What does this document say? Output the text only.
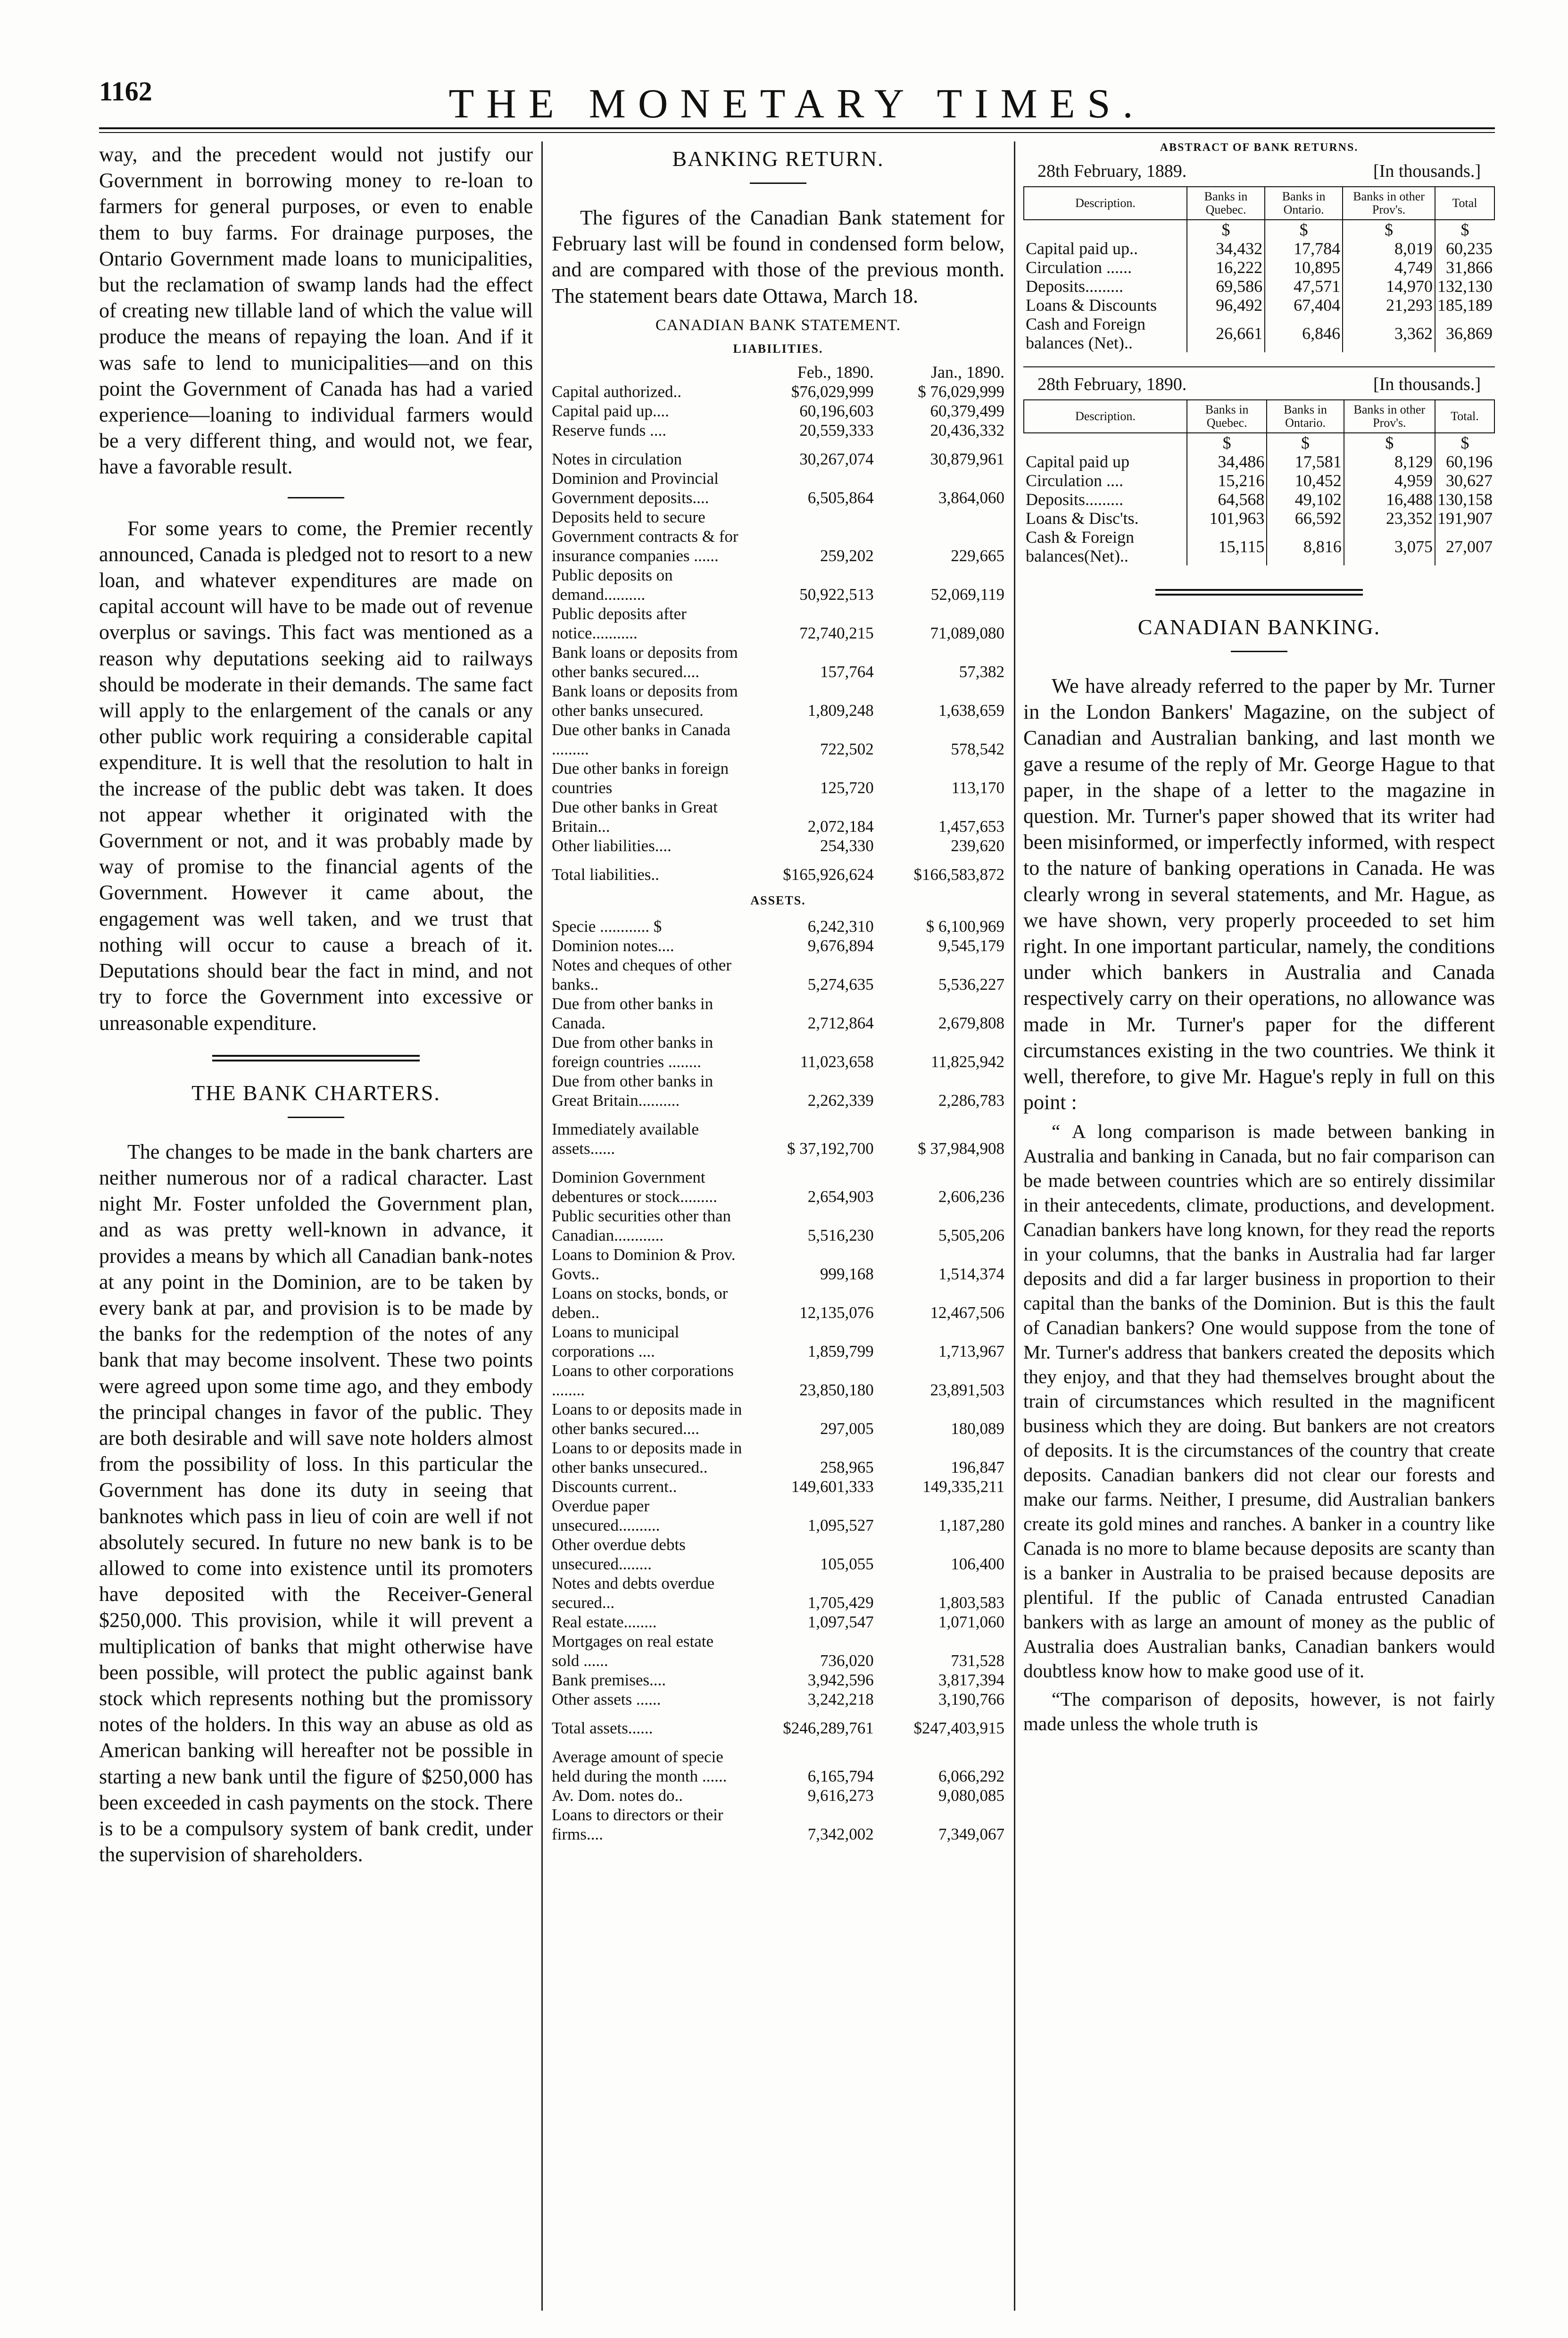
1162	THE MONETARY TIMES.

way, and the precedent would not justify our Government in borrowing money to re-loan to farmers for general purposes, or even to enable them to buy farms. For drainage purposes, the Ontario Government made loans to municipalities, but the reclamation of swamp lands had the effect of creating new tillable land of which the value will produce the means of repaying the loan. And if it was safe to lend to municipalities—and on this point the Government of Canada has had a varied experience—loaning to individual farmers would be a very different thing, and would not, we fear, have a favorable result.

For some years to come, the Premier recently announced, Canada is pledged not to resort to a new loan, and whatever expenditures are made on capital account will have to be made out of revenue overplus or savings. This fact was mentioned as a reason why deputations seeking aid to railways should be moderate in their demands. The same fact will apply to the enlargement of the canals or any other public work requiring a considerable capital expenditure. It is well that the resolution to halt in the increase of the public debt was taken. It does not appear whether it originated with the Government or not, and it was probably made by way of promise to the financial agents of the Government. However it came about, the engagement was well taken, and we trust that nothing will occur to cause a breach of it. Deputations should bear the fact in mind, and not try to force the Government into excessive or unreasonable expenditure.

THE BANK CHARTERS.

The changes to be made in the bank charters are neither numerous nor of a radical character. Last night Mr. Foster unfolded the Government plan, and as was pretty well-known in advance, it provides a means by which all Canadian bank-notes at any point in the Dominion, are to be taken by every bank at par, and provision is to be made by the banks for the redemption of the notes of any bank that may become insolvent. These two points were agreed upon some time ago, and they embody the principal changes in favor of the public. They are both desirable and will save note holders almost from the possibility of loss. In this particular the Government has done its duty in seeing that banknotes which pass in lieu of coin are well if not absolutely secured. In future no new bank is to be allowed to come into existence until its promoters have deposited with the Receiver-General $250,000. This provision, while it will prevent a multiplication of banks that might otherwise have been possible, will protect the public against bank stock which represents nothing but the promissory notes of the holders. In this way an abuse as old as American banking will hereafter not be possible in starting a new bank until the figure of $250,000 has been exceeded in cash payments on the stock. There is to be a compulsory system of bank credit, under the supervision of shareholders.

BANKING RETURN.

The figures of the Canadian Bank statement for February last will be found in condensed form below, and are compared with those of the previous month. The statement bears date Ottawa, March 18.

CANADIAN BANK STATEMENT.
LIABILITIES.
	Feb., 1890.	Jan., 1890.
Capital authorized..	$76,029,999	$ 76,029,999
Capital paid up....	60,196,603	60,379,499
Reserve funds ....	20,559,333	20,436,332
Notes in circulation	30,267,074	30,879,961
Dominion and Provincial Government deposits....	6,505,864	3,864,060
Deposits held to secure Government contracts & for insurance companies ......	259,202	229,665
Public deposits on demand..........	50,922,513	52,069,119
Public deposits after notice...........	72,740,215	71,089,080
Bank loans or deposits from other banks secured....	157,764	57,382
Bank loans or deposits from other banks unsecured.	1,809,248	1,638,659
Due other banks in Canada .........	722,502	578,542
Due other banks in foreign countries	125,720	113,170
Due other banks in Great Britain...	2,072,184	1,457,653
Other liabilities....	254,330	239,620
Total liabilities..	$165,926,624	$166,583,872
ASSETS.		
Specie ............ $	6,242,310	$ 6,100,969
Dominion notes....	9,676,894	9,545,179
Notes and cheques of other banks..	5,274,635	5,536,227
Due from other banks in Canada.	2,712,864	2,679,808
Due from other banks in foreign countries ........	11,023,658	11,825,942
Due from other banks in Great Britain..........	2,262,339	2,286,783
Immediately available assets......	$ 37,192,700	$ 37,984,908
Dominion Government debentures or stock.........	2,654,903	2,606,236
Public securities other than Canadian............	5,516,230	5,505,206
Loans to Dominion & Prov. Govts..	999,168	1,514,374
Loans on stocks, bonds, or deben..	12,135,076	12,467,506
Loans to municipal corporations ....	1,859,799	1,713,967
Loans to other corporations ........	23,850,180	23,891,503
Loans to or deposits made in other banks secured....	297,005	180,089
Loans to or deposits made in other banks unsecured..	258,965	196,847
Discounts current..	149,601,333	149,335,211
Overdue paper unsecured..........	1,095,527	1,187,280
Other overdue debts unsecured........	105,055	106,400
Notes and debts overdue secured...	1,705,429	1,803,583
Real estate........	1,097,547	1,071,060
Mortgages on real estate sold ......	736,020	731,528
Bank premises....	3,942,596	3,817,394
Other assets ......	3,242,218	3,190,766
Total assets......	$246,289,761	$247,403,915
Average amount of specie held during the month ......	6,165,794	6,066,292
Av. Dom. notes do..	9,616,273	9,080,085
Loans to directors or their firms....	7,342,002	7,349,067
ABSTRACT OF BANK RETURNS.
28th February, 1889.	[In thousands.]
Description.	Banks in Quebec.	Banks in Ontario.	Banks in other Prov's.	Total
	$	$	$	$
Capital paid up..	34,432	17,784	8,019	60,235
Circulation ......	16,222	10,895	4,749	31,866
Deposits.........	69,586	47,571	14,970	132,130
Loans & Discounts	96,492	67,404	21,293	185,189
Cash and Foreign balances (Net)..	26,661	6,846	3,362	36,869
28th February, 1890.	[In thousands.]
Description.	Banks in Quebec.	Banks in Ontario.	Banks in other Prov's.	Total.
	$	$	$	$
Capital paid up	34,486	17,581	8,129	60,196
Circulation ....	15,216	10,452	4,959	30,627
Deposits.........	64,568	49,102	16,488	130,158
Loans & Disc'ts.	101,963	66,592	23,352	191,907
Cash & Foreign balances(Net)..	15,115	8,816	3,075	27,007
CANADIAN BANKING.

We have already referred to the paper by Mr. Turner in the London Bankers' Magazine, on the subject of Canadian and Australian banking, and last month we gave a resume of the reply of Mr. George Hague to that paper, in the shape of a letter to the magazine in question. Mr. Turner's paper showed that its writer had been misinformed, or imperfectly informed, with respect to the nature of banking operations in Canada. He was clearly wrong in several statements, and Mr. Hague, as we have shown, very properly proceeded to set him right. In one important particular, namely, the conditions under which bankers in Australia and Canada respectively carry on their operations, no allowance was made in Mr. Turner's paper for the different circumstances existing in the two countries. We think it well, therefore, to give Mr. Hague's reply in full on this point :

“ A long comparison is made between banking in Australia and banking in Canada, but no fair comparison can be made between countries which are so entirely dissimilar in their antecedents, climate, productions, and development. Canadian bankers have long known, for they read the reports in your columns, that the banks in Australia had far larger deposits and did a far larger business in proportion to their capital than the banks of the Dominion. But is this the fault of Canadian bankers? One would suppose from the tone of Mr. Turner's address that bankers created the deposits which they enjoy, and that they had themselves brought about the train of circumstances which resulted in the magnificent business which they are doing. But bankers are not creators of deposits. It is the circumstances of the country that create deposits. Canadian bankers did not clear our forests and make our farms. Neither, I presume, did Australian bankers create its gold mines and ranches. A banker in a country like Canada is no more to blame because deposits are scanty than is a banker in Australia to be praised because deposits are plentiful. If the public of Canada entrusted Canadian bankers with as large an amount of money as the public of Australia does Australian banks, Canadian bankers would doubtless know how to make good use of it.

“The comparison of deposits, however, is not fairly made unless the whole truth is
